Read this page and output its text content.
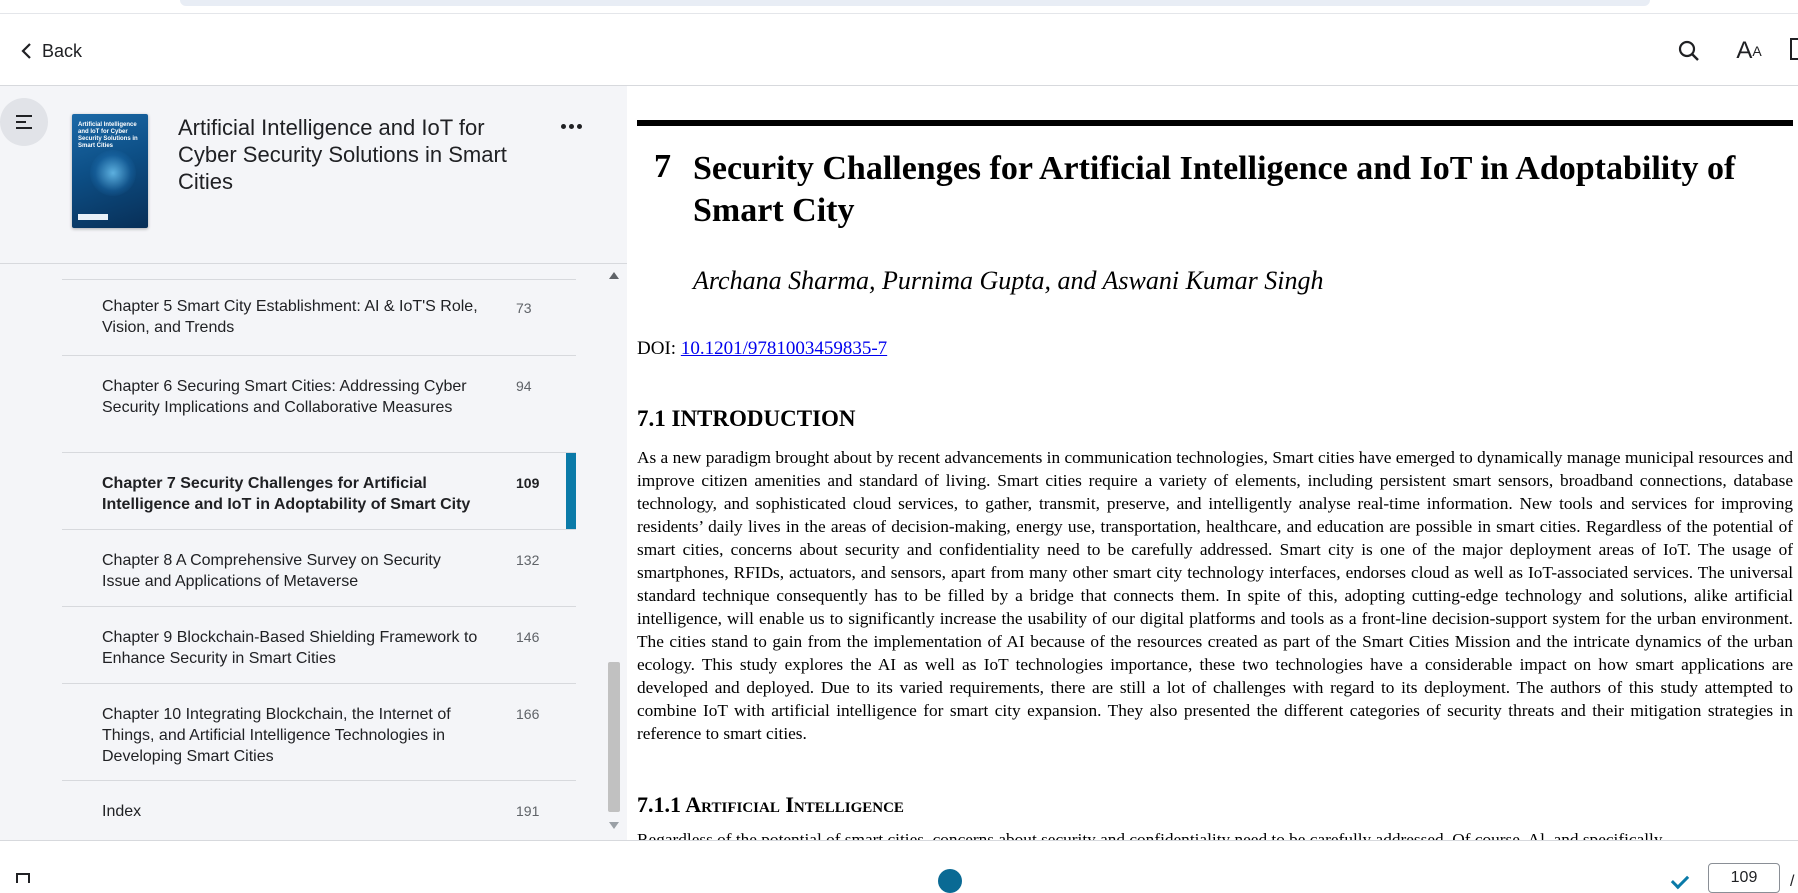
Back	A A
Artificial Intelligence and IoT for Cyber Security Solutions in Smart Cities
Artificial Intelligence and IoT for Cyber Security Solutions in Smart Cities
Chapter 5 Smart City Establishment: AI & IoT'S Role, Vision, and Trends
73
Chapter 6 Securing Smart Cities: Addressing Cyber Security Implications and Collaborative Measures
94
Chapter 7 Security Challenges for Artificial Intelligence and IoT in Adoptability of Smart City
109
Chapter 8 A Comprehensive Survey on Security Issue and Applications of Metaverse
132
Chapter 9 Blockchain-Based Shielding Framework to Enhance Security in Smart Cities
146
Chapter 10 Integrating Blockchain, the Internet of Things, and Artificial Intelligence Technologies in Developing Smart Cities
166
Index	191
7 Security Challenges for Artificial Intelligence and IoT in Adoptability of Smart City
Archana Sharma, Purnima Gupta, and Aswani Kumar Singh
DOI: 10.1201/9781003459835-7
7.1 INTRODUCTION
As a new paradigm brought about by recent advancements in communication technologies, Smart cities have emerged to dynamically manage municipal resources and improve citizen amenities and standard of living. Smart cities require a variety of elements, including persistent smart sensors, broadband connections, database technology, and sophisticated cloud services, to gather, transmit, preserve, and intelligently analyse real-time information. New tools and services for improving residents’ daily lives in the areas of decision-making, energy use, transportation, healthcare, and education are possible in smart cities. Regardless of the potential of smart cities, concerns about security and confidentiality need to be carefully addressed. Smart city is one of the major deployment areas of IoT. The usage of smartphones, RFIDs, actuators, and sensors, apart from many other smart city technology interfaces, endorses cloud as well as IoT-associated services. The universal standard technique consequently has to be filled by a bridge that connects them. In spite of this, adopting cutting-edge technology and solutions, alike artificial intelligence, will enable us to significantly increase the usability of our digital platforms and tools as a front-line decision-support system for the urban environment. The cities stand to gain from the implementation of AI because of the resources created as part of the Smart Cities Mission and the intricate dynamics of the urban ecology. This study explores the AI as well as IoT technologies importance, these two technologies have a considerable impact on how smart applications are developed and deployed. Due to its varied requirements, there are still a lot of challenges with regard to its deployment. The authors of this study attempted to combine IoT with artificial intelligence for smart city expansion. They also presented the different categories of security threats and their mitigation strategies in reference to smart cities.
7.1.1 Artificial Intelligence
109
/
